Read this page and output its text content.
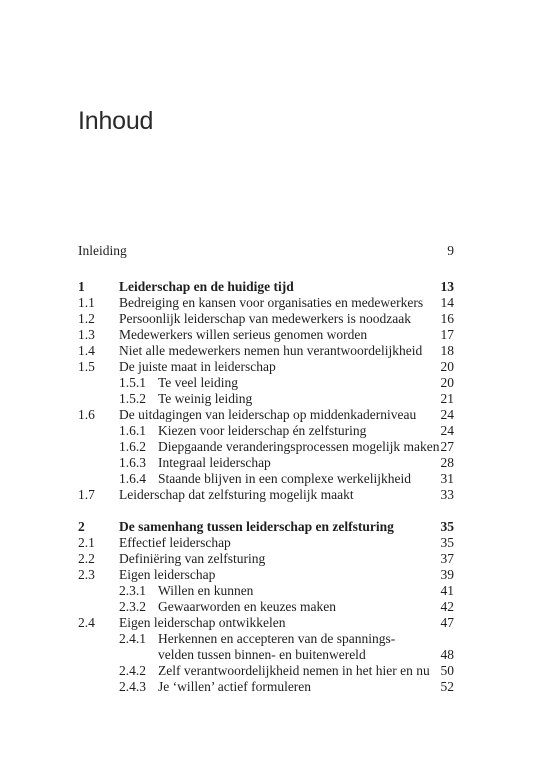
Inhoud
Inleiding	9
1	Leiderschap en de huidige tijd	13
1.1 Bedreiging en kansen voor organisaties en medewerkers 14
1.2 Persoonlijk leiderschap van medewerkers is noodzaak 16
1.3 Medewerkers willen serieus genomen worden	17
1.4 Niet alle medewerkers nemen hun verantwoordelijkheid 18
1.5 De juiste maat in leiderschap	20
1.5.1 Te veel leiding	20
1.5.2 Te weinig leiding	21
1.6 De uitdagingen van leiderschap op middenkaderniveau 24
1.6.1 Kiezen voor leiderschap én zelfsturing	24
1.6.2 Diepgaande veranderingsprocessen mogelijk maken 27
1.6.3 Integraal leiderschap	28
1.6.4 Staande blijven in een complexe werkelijkheid 31
1.7 Leiderschap dat zelfsturing mogelijk maakt	33
2	De samenhang tussen leiderschap en zelfsturing	35
2.1 Effectief leiderschap	35
2.2 Definiëring van zelfsturing	37
2.3 Eigen leiderschap	39
2.3.1 Willen en kunnen	41
2.3.2 Gewaarworden en keuzes maken	42
2.4 Eigen leiderschap ontwikkelen	47
2.4.1 Herkennen en accepteren van de spannings-
velden tussen binnen- en buitenwereld	48
2.4.2 Zelf verantwoordelijkheid nemen in het hier en nu 50
2.4.3 Je ‘willen’ actief formuleren	52
